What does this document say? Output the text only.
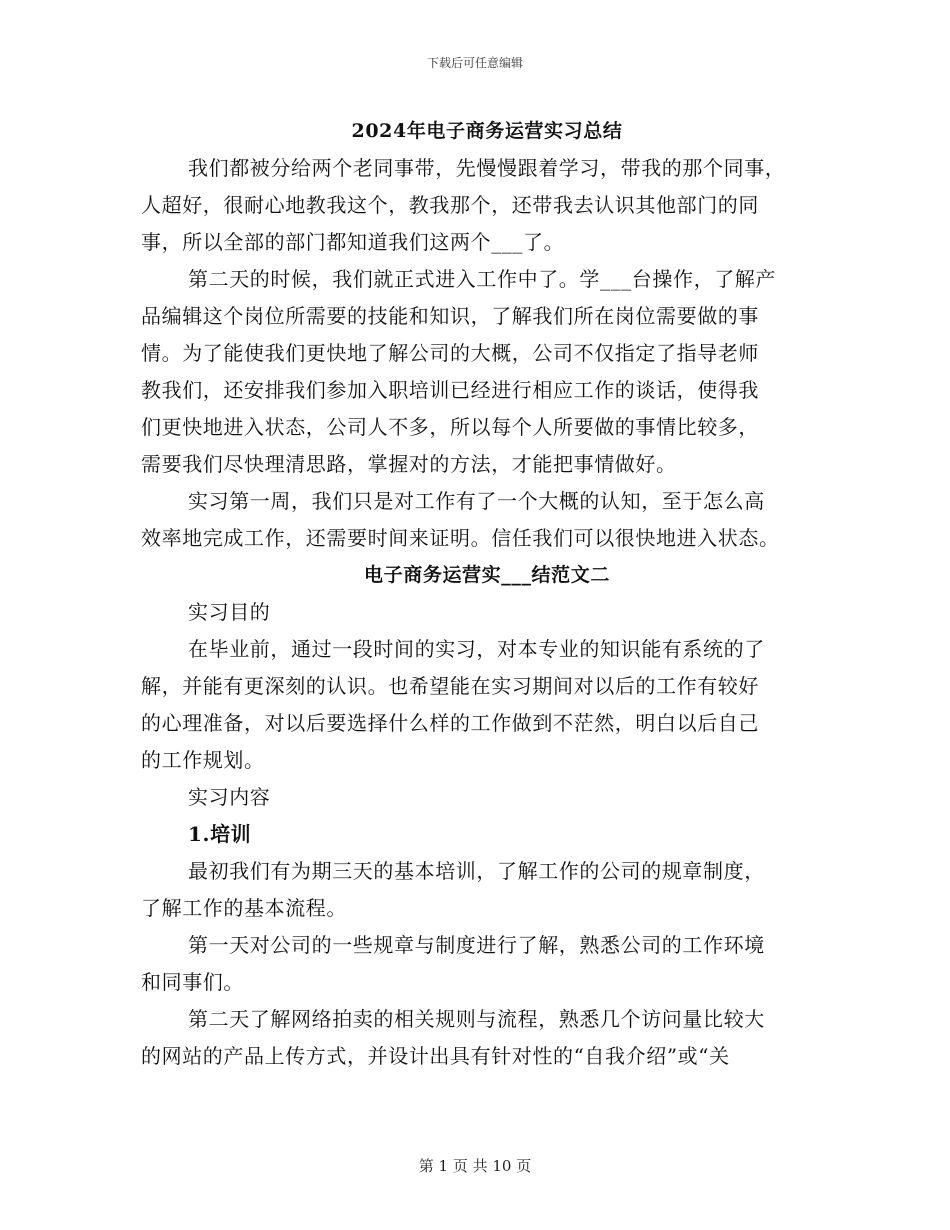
下载后可任意编辑
2024年电子商务运营实习总结
我们都被分给两个老同事带，先慢慢跟着学习，带我的那个同事，
人超好，很耐心地教我这个，教我那个，还带我去认识其他部门的同
事，所以全部的部门都知道我们这两个___了。
第二天的时候，我们就正式进入工作中了。学___台操作，了解产
品编辑这个岗位所需要的技能和知识，了解我们所在岗位需要做的事
情。为了能使我们更快地了解公司的大概，公司不仅指定了指导老师
教我们，还安排我们参加入职培训已经进行相应工作的谈话，使得我
们更快地进入状态，公司人不多，所以每个人所要做的事情比较多，
需要我们尽快理清思路，掌握对的方法，才能把事情做好。
实习第一周，我们只是对工作有了一个大概的认知，至于怎么高
效率地完成工作，还需要时间来证明。信任我们可以很快地进入状态。
电子商务运营实___结范文二
实习目的
在毕业前，通过一段时间的实习，对本专业的知识能有系统的了
解，并能有更深刻的认识。也希望能在实习期间对以后的工作有较好
的心理准备，对以后要选择什么样的工作做到不茫然，明白以后自己
的工作规划。
实习内容
1.培训
最初我们有为期三天的基本培训，了解工作的公司的规章制度，
了解工作的基本流程。
第一天对公司的一些规章与制度进行了解，熟悉公司的工作环境
和同事们。
第二天了解网络拍卖的相关规则与流程，熟悉几个访问量比较大
的网站的产品上传方式，并设计出具有针对性的“自我介绍”或“关
第 1 页 共 10 页
